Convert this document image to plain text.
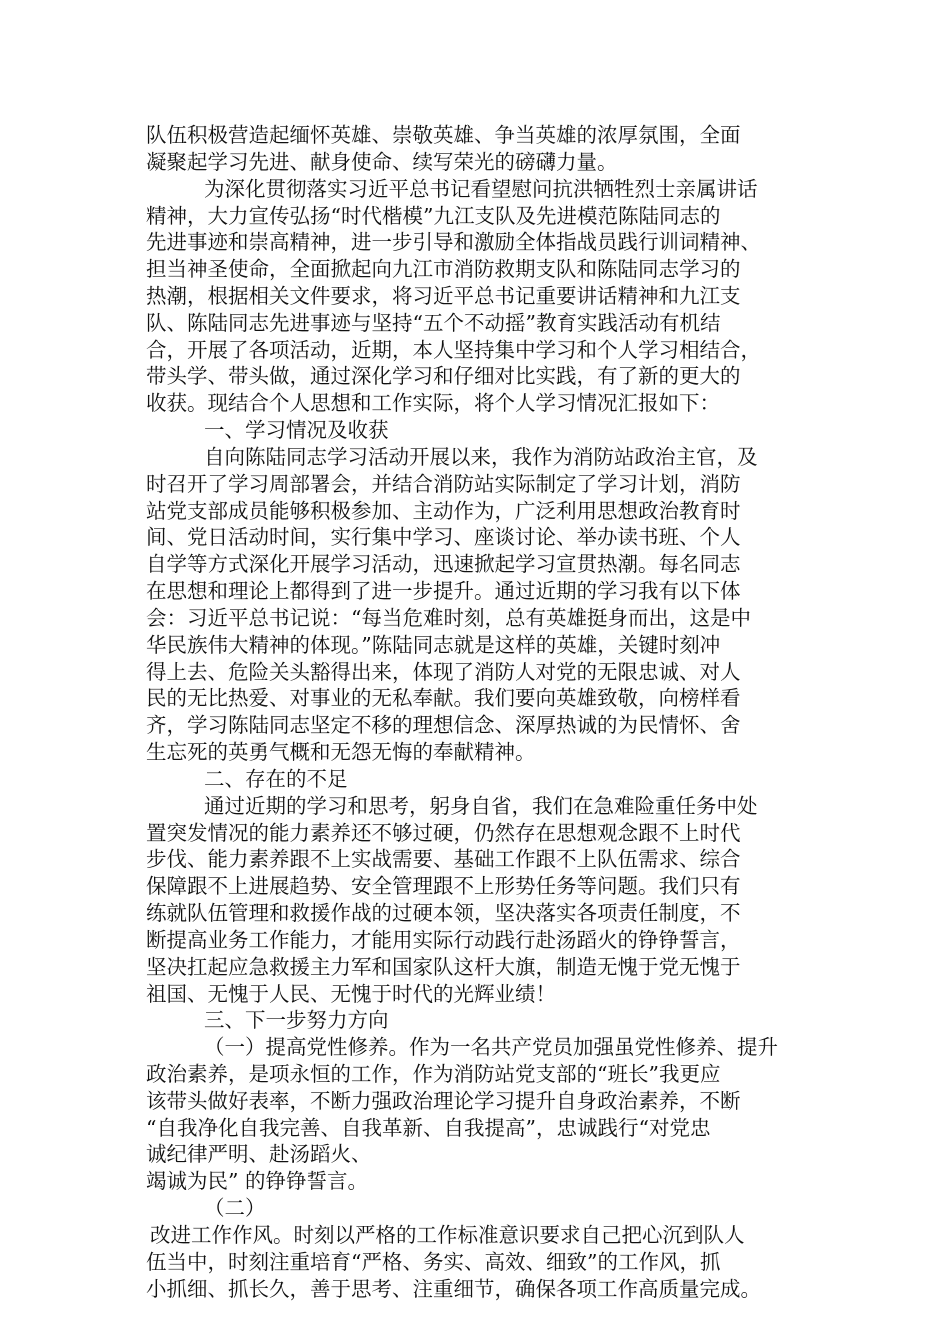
队伍积极营造起缅怀英雄、崇敬英雄、争当英雄的浓厚氛围，全面

凝聚起学习先进、献身使命、续写荣光的磅礴力量。

为深化贯彻落实习近平总书记看望慰问抗洪牺牲烈士亲属讲话

精神，大力宣传弘扬“时代楷模”九江支队及先进模范陈陆同志的

先进事迹和崇高精神，进一步引导和激励全体指战员践行训词精神、

担当神圣使命，全面掀起向九江市消防救期支队和陈陆同志学习的

热潮，根据相关文件要求，将习近平总书记重要讲话精神和九江支

队、陈陆同志先进事迹与坚持“五个不动摇”教育实践活动有机结

合，开展了各项活动，近期，本人坚持集中学习和个人学习相结合，

带头学、带头做，通过深化学习和仔细对比实践，有了新的更大的

收获。现结合个人思想和工作实际，将个人学习情况汇报如下：

一、学习情况及收获

自向陈陆同志学习活动开展以来，我作为消防站政治主官，及

时召开了学习周部署会，并结合消防站实际制定了学习计划，消防

站党支部成员能够积极参加、主动作为，广泛利用思想政治教育时

间、党日活动时间，实行集中学习、座谈讨论、举办读书班、个人

自学等方式深化开展学习活动，迅速掀起学习宣贯热潮。每名同志

在思想和理论上都得到了进一步提升。通过近期的学习我有以下体

会：习近平总书记说：“每当危难时刻，总有英雄挺身而出，这是中

华民族伟大精神的体现。”陈陆同志就是这样的英雄，关键时刻冲

得上去、危险关头豁得出来，体现了消防人对党的无限忠诚、对人

民的无比热爱、对事业的无私奉献。我们要向英雄致敬，向榜样看

齐，学习陈陆同志坚定不移的理想信念、深厚热诚的为民情怀、舍

生忘死的英勇气概和无怨无悔的奉献精神。

二、存在的不足

通过近期的学习和思考，躬身自省，我们在急难险重任务中处

置突发情况的能力素养还不够过硬，仍然存在思想观念跟不上时代

步伐、能力素养跟不上实战需要、基础工作跟不上队伍需求、综合

保障跟不上进展趋势、安全管理跟不上形势任务等问题。我们只有

练就队伍管理和救援作战的过硬本领，坚决落实各项责任制度，不

断提高业务工作能力，才能用实际行动践行赴汤蹈火的铮铮誓言，

坚决扛起应急救援主力军和国家队这杆大旗，制造无愧于党无愧于

祖国、无愧于人民、无愧于时代的光辉业绩！

三、下一步努力方向

（一）提高党性修养。作为一名共产党员加强虽党性修养、提升

政治素养，是项永恒的工作，作为消防站党支部的“班长”我更应

该带头做好表率，不断力强政治理论学习提升自身政治素养，不断

“自我净化自我完善、自我革新、自我提高”，忠诚践行“对党忠

诚纪律严明、赴汤蹈火、

竭诚为民” 的铮铮誓言。

（二）

改进工作作风。时刻以严格的工作标准意识要求自己把心沉到队人

伍当中，时刻注重培育“严格、务实、高效、细致”的工作风，抓

小抓细、抓长久，善于思考、注重细节，确保各项工作高质量完成。
